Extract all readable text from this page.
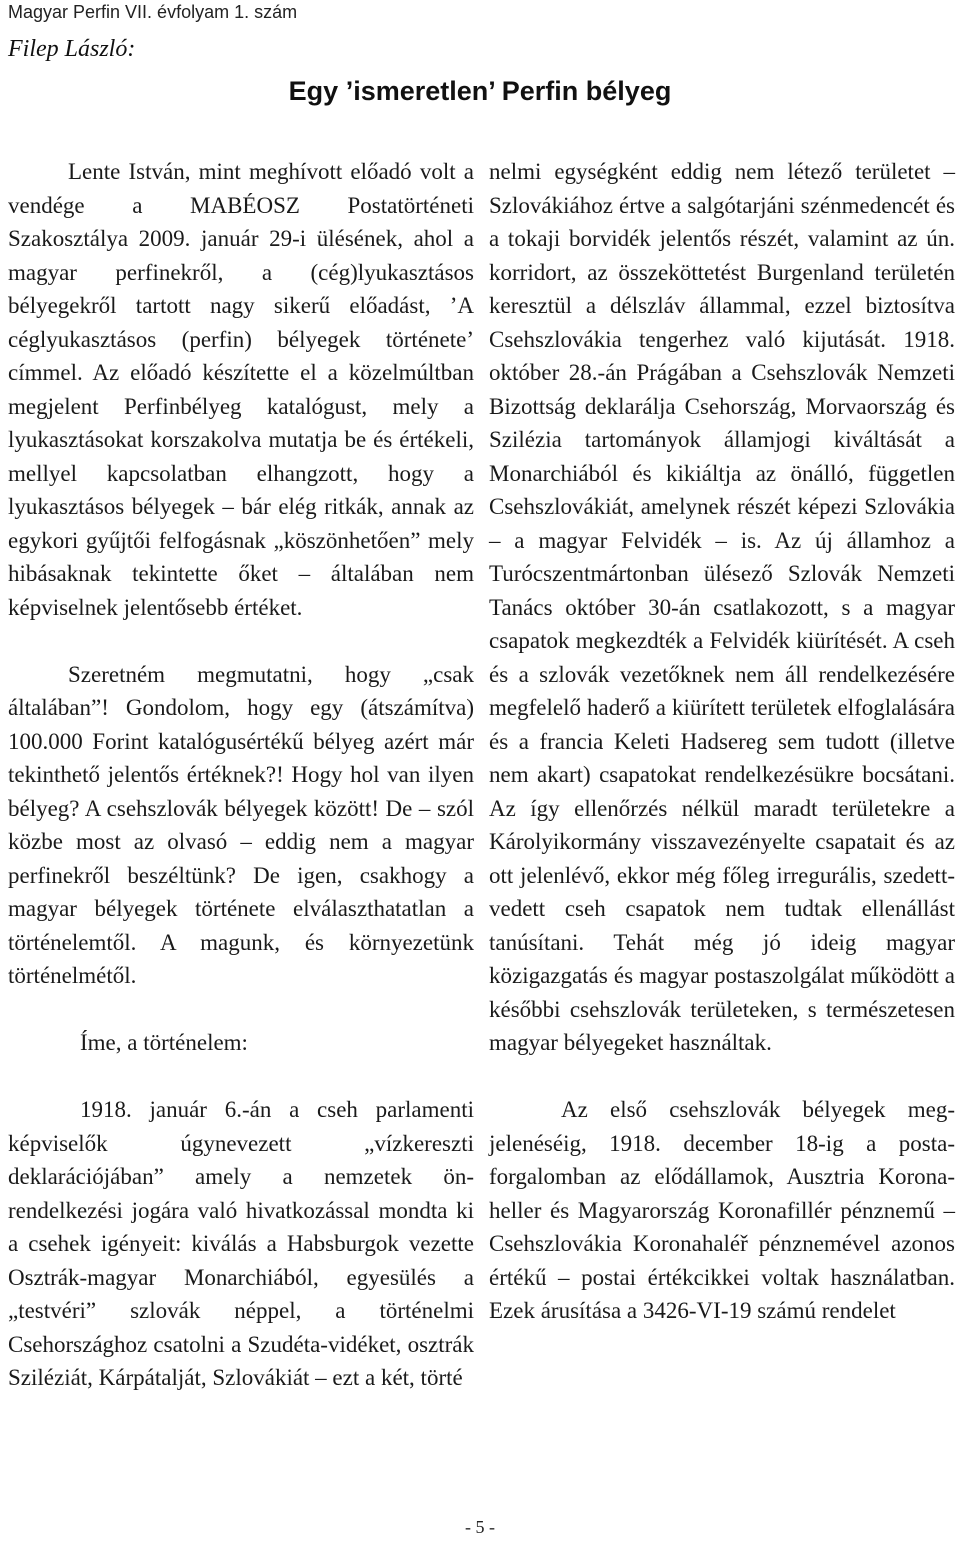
Magyar Perfin VII. évfolyam 1. szám
Filep László:
Egy ’ismeretlen’ Perfin bélyeg

Lente István, mint meghívott előadó volt a vendége a MABÉOSZ Postatörténeti Szakosztálya 2009. január 29-i ülésének, ahol a magyar perfinekről, a (cég)lyukasztásos bélyegekről tartott nagy sikerű előadást, ’A céglyukasztásos (perfin) bélyegek története’ címmel. Az előadó készítette el a közelmúltban megjelent Perfinbélyeg katalógust, mely a lyukasztásokat korszakolva mutatja be és értékeli, mellyel kapcsolatban elhangzott, hogy a lyukasztásos bélyegek – bár elég ritkák, annak az egykori gyűjtői felfogásnak „köszönhetően” mely hibásaknak tekintette őket – általában nem képviselnek jelentősebb értéket.

Szeretném megmutatni, hogy „csak általában”! Gondolom, hogy egy (átszámítva) 100.000 Forint katalógusértékű bélyeg azért már tekinthető jelentős értéknek?! Hogy hol van ilyen bélyeg? A csehszlovák bélyegek között! De – szól közbe most az olvasó – eddig nem a magyar perfinekről beszéltünk? De igen, csakhogy a magyar bélyegek története elválaszthatatlan a történelemtől. A magunk, és környezetünk történelmétől.

Íme, a történelem:

1918. január 6.-án a cseh parlamenti képviselők úgynevezett „vízkereszti deklarációjában” amely a nemzetek önrendelkezési jogára való hivatkozással mondta ki a csehek igényeit: kiválás a Habsburgok vezette Osztrák-magyar Monarchiából, egyesülés a „testvéri” szlovák néppel, a történelmi Csehországhoz csatolni a Szudéta-vidéket, osztrák Sziléziát, Kárpátalját, Szlovákiát – ezt a két, törté

nelmi egységként eddig nem létező területet – Szlovákiához értve a salgótarjáni szénmedencét és a tokaji borvidék jelentős részét, valamint az ún. korridort, az összeköttetést Burgenland területén keresztül a délszláv állammal, ezzel biztosítva Csehszlovákia tengerhez való kijutását. 1918. október 28.-án Prágában a Csehszlovák Nemzeti Bizottság deklarálja Csehország, Morvaország és Szilézia tartományok államjogi kiváltását a Monarchiából és kikiáltja az önálló, független Csehszlovákiát, amelynek részét képezi Szlovákia – a magyar Felvidék – is. Az új államhoz a Turócszentmártonban ülésező Szlovák Nemzeti Tanács október 30-án csatlakozott, s a magyar csapatok megkezdték a Felvidék kiürítését. A cseh és a szlovák vezetőknek nem áll rendelkezésére megfelelő haderő a kiürített területek elfoglalására és a francia Keleti Hadsereg sem tudott (illetve nem akart) csapatokat rendelkezésükre bocsátani. Az így ellenőrzés nélkül maradt területekre a Károlyikormány visszavezényelte csapatait és az ott jelenlévő, ekkor még főleg irregurális, szedett-vedett cseh csapatok nem tudtak ellenállást tanúsítani. Tehát még jó ideig magyar közigazgatás és magyar postaszolgálat működött a későbbi csehszlovák területeken, s természetesen magyar bélyegeket használtak.

Az első csehszlovák bélyegek megjelenéséig, 1918. december 18-ig a postaforgalomban az elődállamok, Ausztria Korona-heller és Magyarország Koronafillér pénznemű – Csehszlovákia Koronahaléř pénznemével azonos értékű – postai értékcikkei voltak használatban. Ezek árusítása a 3426-VI-19 számú rendelet

- 5 -
